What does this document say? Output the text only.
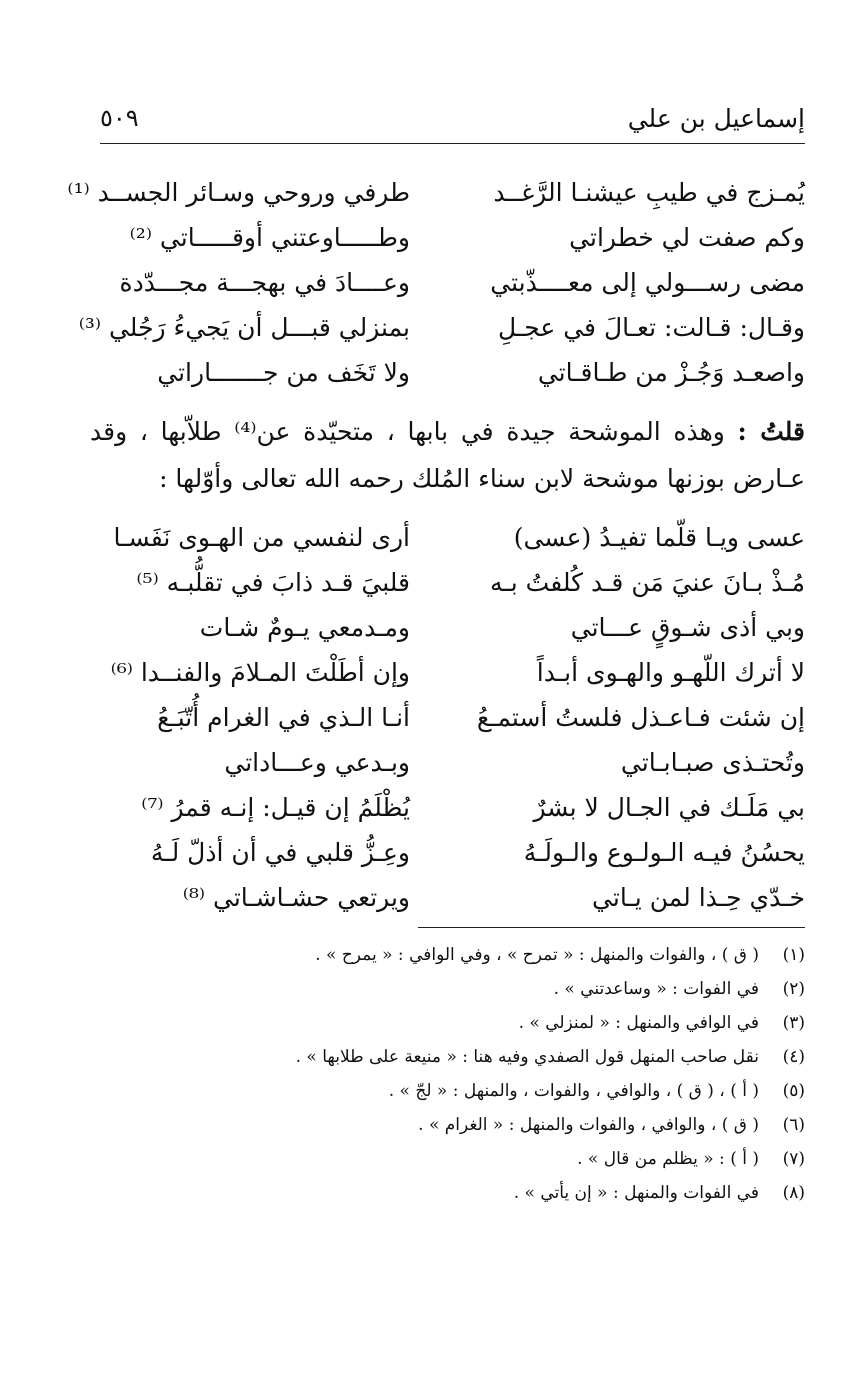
إسماعيل بن علي
٥٠٩
يُمـزج في طيبِ عيشنـا الرَّغــد
طرفي وروحي وسـائر الجســد ⁽¹⁾
وكم صفت لي خطراتي
وطـــــاوعتني أوقـــــاتي ⁽²⁾
مضى رســـولي إلى معــــذّبتي
وعــــادَ في بهجـــة مجـــدّدة
وقـال: قـالت: تعـالَ في عجـلِ
بمنزلي قبـــل أن يَجيءُ رَجُلي ⁽³⁾
واصعـد وَجُـزْ من طـاقـاتي
ولا تَخَف من جـــــــاراتي
قلتُ : وهذه الموشحة جيدة في بابها ، متحيّدة عن⁽⁴⁾ طلاّبها ، وقد عـارض بوزنها موشحة لابن سناء المُلك رحمه الله تعالى وأوّلها :
عسى ويـا قلّما تفيـدُ (عسى)
أرى لنفسي من الهـوى نَفَسـا
مُـذْ بـانَ عنيَ مَن قـد كُلفتُ بـه
قلبيَ قـد ذابَ في تقلُّبـه ⁽⁵⁾
وبي أذى شـوقٍ عـــاتي
ومـدمعي يـومٌ شـات
لا أترك اللّهـو والهـوى أبـداً
وإن أطَلْتَ المـلامَ والفنــدا ⁽⁶⁾
إن شئت فـاعـذل فلستُ أستمـعُ
أنـا الـذي في الغرام أُتّبَـعُ
وتُحتـذى صبـابـاتي
وبـدعي وعـــاداتي
بي مَلَـك في الجـال لا بشرٌ
يُظْلَمُ إن قيـل: إنـه قمرُ ⁽⁷⁾
يحسُنُ فيـه الـولـوع والـولَـهُ
وعِـزُّ قلبي في أن أذلّ لَـهُ
خـدّي حِـذا لمن يـاتي
ويرتعي حشـاشـاتي ⁽⁸⁾
(١)( ق ) ، والفوات والمنهل : « تمرح » ، وفي الوافي : « يمرح » .
(٢)في الفوات : « وساعدتني » .
(٣)في الوافي والمنهل : « لمنزلي » .
(٤)نقل صاحب المنهل قول الصفدي وفيه هنا : « منيعة على طلابها » .
(٥)( أ ) ، ( ق ) ، والوافي ، والفوات ، والمنهل : « لجّ » .
(٦)( ق ) ، والوافي ، والفوات والمنهل : « الغرام » .
(٧)( أ ) : « يظلم من قال » .
(٨)في الفوات والمنهل : « إن يأتي » .
